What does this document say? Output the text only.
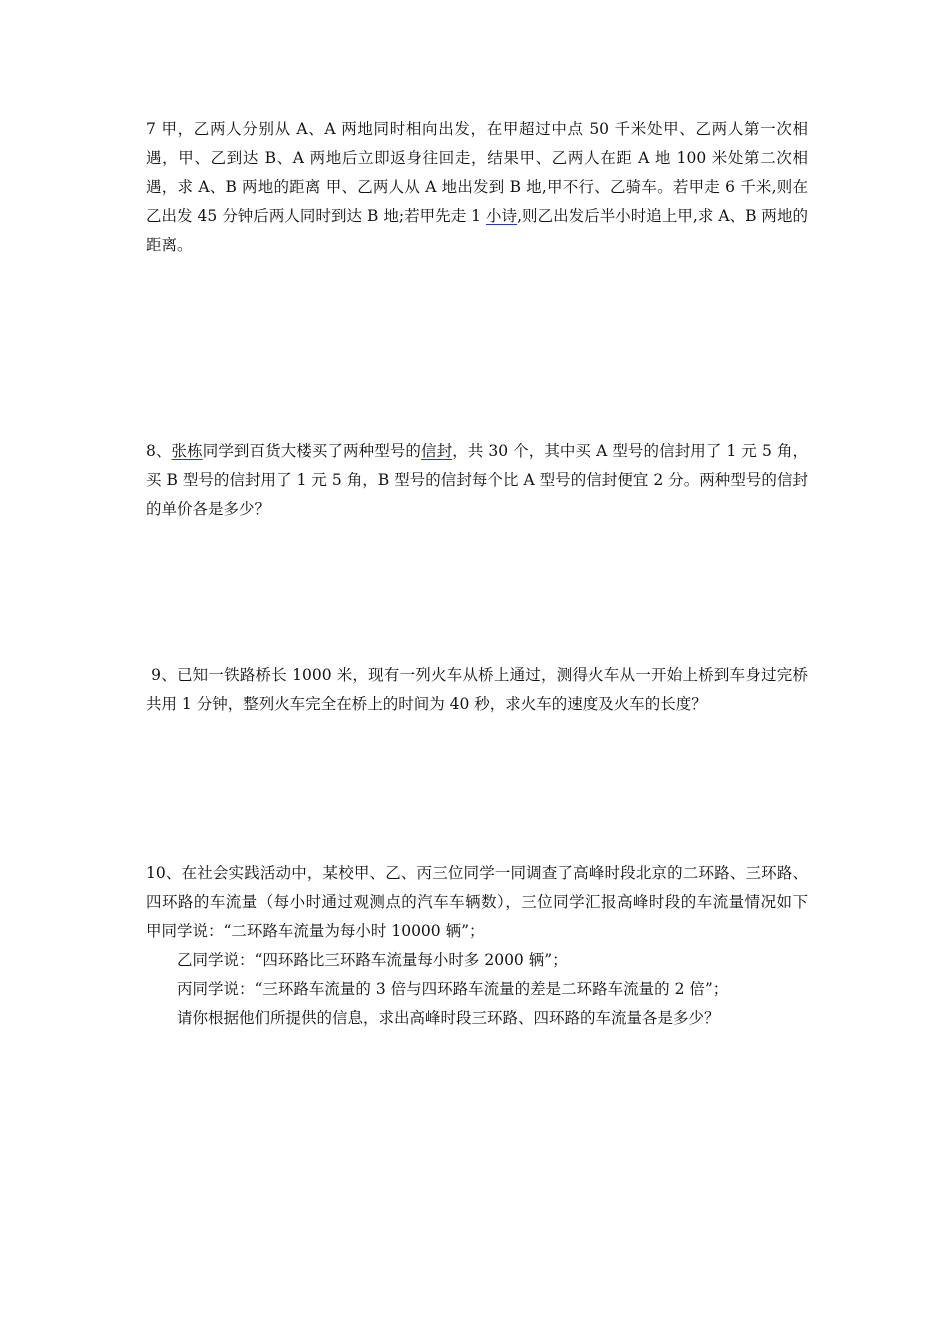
7 甲，乙两人分别从 A、A 两地同时相向出发，在甲超过中点 50 千米处甲、乙两人第一次相遇，甲、乙到达 B、A 两地后立即返身往回走，结果甲、乙两人在距 A 地 100 米处第二次相遇，求 A、B 两地的距离 甲、乙两人从 A 地出发到 B 地,甲不行、乙骑车。若甲走 6 千米,则在乙出发 45 分钟后两人同时到达 B 地;若甲先走 1 小诗,则乙出发后半小时追上甲,求 A、B 两地的距离。

8、张栋同学到百货大楼买了两种型号的信封，共 30 个，其中买 A 型号的信封用了 1 元 5 角，买 B 型号的信封用了 1 元 5 角，B 型号的信封每个比 A 型号的信封便宜 2 分。两种型号的信封的单价各是多少？

9、已知一铁路桥长 1000 米，现有一列火车从桥上通过，测得火车从一开始上桥到车身过完桥共用 1 分钟，整列火车完全在桥上的时间为 40 秒，求火车的速度及火车的长度？

10、在社会实践活动中，某校甲、乙、丙三位同学一同调查了高峰时段北京的二环路、三环路、四环路的车流量（每小时通过观测点的汽车车辆数），三位同学汇报高峰时段的车流量情况如下   甲同学说：“二环路车流量为每小时 10000 辆”；

乙同学说：“四环路比三环路车流量每小时多 2000 辆”；

丙同学说：“三环路车流量的 3 倍与四环路车流量的差是二环路车流量的 2 倍”；

请你根据他们所提供的信息，求出高峰时段三环路、四环路的车流量各是多少？
